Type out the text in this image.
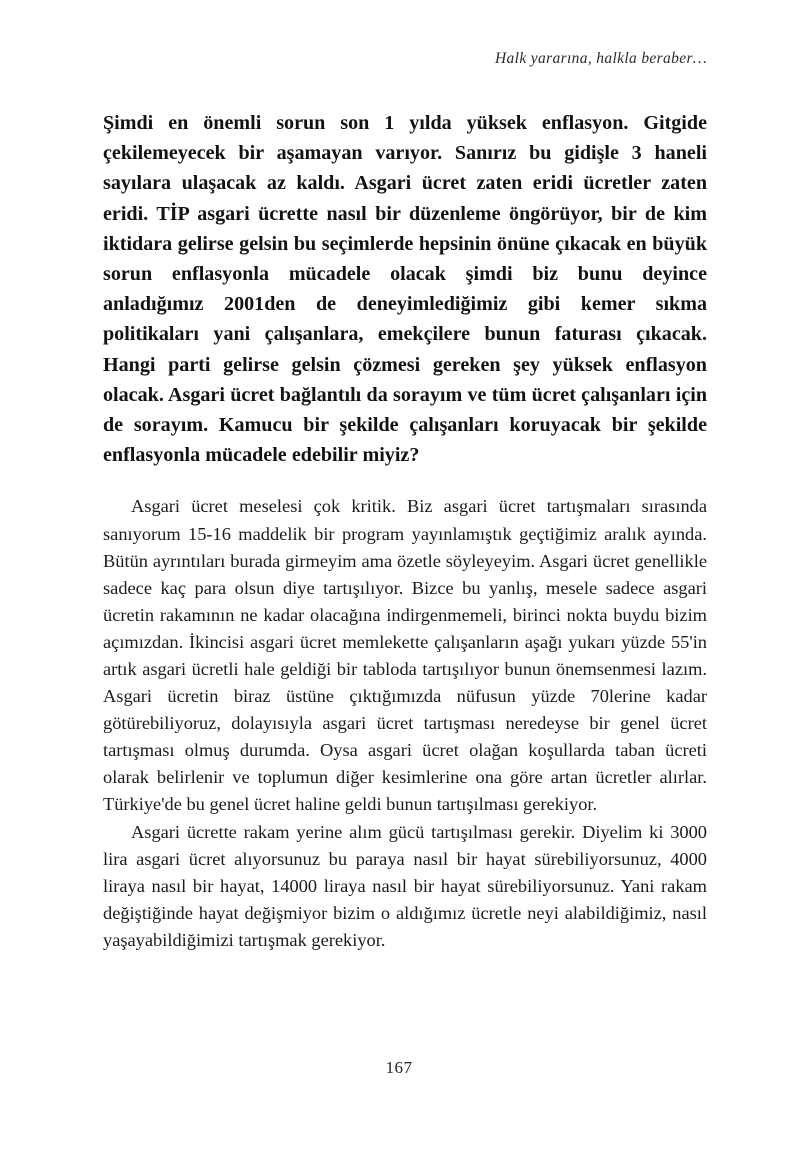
Halk yararına, halkla beraber…

Şimdi en önemli sorun son 1 yılda yüksek enflasyon. Gitgide çekilemeyecek bir aşamayan varıyor. Sanırız bu gidişle 3 haneli sayılara ulaşacak az kaldı. Asgari ücret zaten eridi ücretler zaten eridi. TİP asgari ücrette nasıl bir düzenleme öngörüyor, bir de kim iktidara gelirse gelsin bu seçimlerde hepsinin önüne çıkacak en büyük sorun enflasyonla mücadele olacak şimdi biz bunu deyince anladığımız 2001den de deneyimlediğimiz gibi kemer sıkma politikaları yani çalışanlara, emekçilere bunun faturası çıkacak. Hangi parti gelirse gelsin çözmesi gereken şey yüksek enflasyon olacak. Asgari ücret bağlantılı da sorayım ve tüm ücret çalışanları için de sorayım. Kamucu bir şekilde çalışanları koruyacak bir şekilde enflasyonla mücadele edebilir miyiz?

Asgari ücret meselesi çok kritik. Biz asgari ücret tartışmaları sırasında sanıyorum 15-16 maddelik bir program yayınlamıştık geçtiğimiz aralık ayında. Bütün ayrıntıları burada girmeyim ama özetle söyleyeyim. Asgari ücret genellikle sadece kaç para olsun diye tartışılıyor. Bizce bu yanlış, mesele sadece asgari ücretin rakamının ne kadar olacağına indirgenmemeli, birinci nokta buydu bizim açımızdan. İkincisi asgari ücret memlekette çalışanların aşağı yukarı yüzde 55'in artık asgari ücretli hale geldiği bir tabloda tartışılıyor bunun önemsenmesi lazım. Asgari ücretin biraz üstüne çıktığımızda nüfusun yüzde 70lerine kadar götürebiliyoruz, dolayısıyla asgari ücret tartışması neredeyse bir genel ücret tartışması olmuş durumda. Oysa asgari ücret olağan koşullarda taban ücreti olarak belirlenir ve toplumun diğer kesimlerine ona göre artan ücretler alırlar. Türkiye'de bu genel ücret haline geldi bunun tartışılması gerekiyor.

Asgari ücrette rakam yerine alım gücü tartışılması gerekir. Diyelim ki 3000 lira asgari ücret alıyorsunuz bu paraya nasıl bir hayat sürebiliyorsunuz, 4000 liraya nasıl bir hayat, 14000 liraya nasıl bir hayat sürebiliyorsunuz. Yani rakam değiştiğinde hayat değişmiyor bizim o aldığımız ücretle neyi alabildiğimiz, nasıl yaşayabildiğimizi tartışmak gerekiyor.

167
